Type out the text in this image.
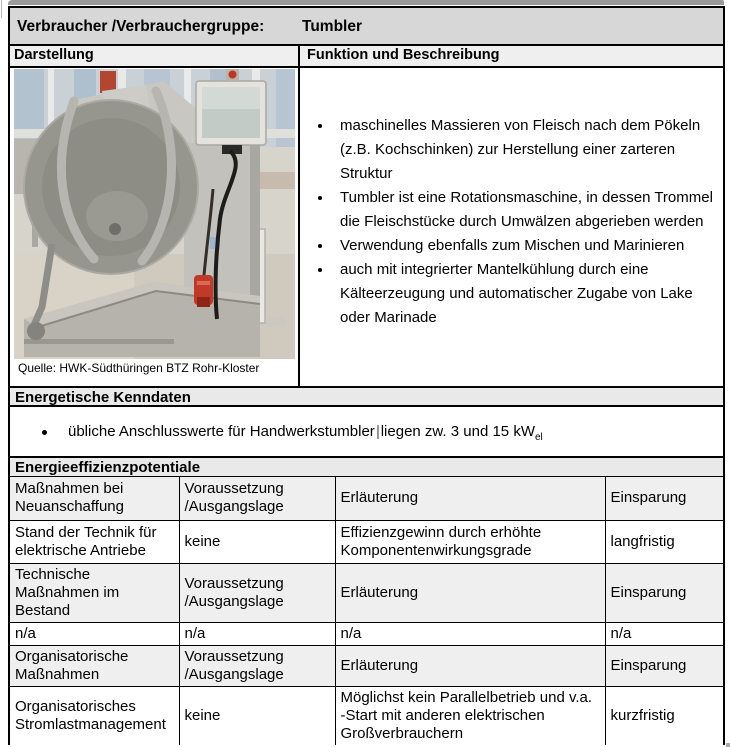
Verbraucher /Verbrauchergruppe: Tumbler
Darstellung	Funktion und Beschreibung
Quelle: HWK-Südthüringen BTZ Rohr-Kloster
• maschinelles Massieren von Fleisch nach dem Pökeln (z.B. Kochschinken) zur Herstellung einer zarteren Struktur
• Tumbler ist eine Rotationsmaschine, in dessen Trommel die Fleischstücke durch Umwälzen abgerieben werden
• Verwendung ebenfalls zum Mischen und Marinieren
• auch mit integrierter Mantelkühlung durch eine Kälteerzeugung und automatischer Zugabe von Lake oder Marinade
Energetische Kenndaten
übliche Anschlusswerte für Handwerkstumbler | liegen zw. 3 und 15 $kW_{el}$
Energieeffizienzpotentiale
Maßnahmen bei Neuanschaffung	Voraussetzung /Ausgangslage	Erläuterung	Einsparung
Stand der Technik für elektrische Antriebe	keine	Effizienzgewinn durch erhöhte Komponentenwirkungsgrade	langfristig
Technische Maßnahmen im Bestand	Voraussetzung /Ausgangslage	Erläuterung	Einsparung
n/a	n/a	n/a	n/a
Organisatorische Maßnahmen	Voraussetzung /Ausgangslage	Erläuterung	Einsparung
Organisatorisches Stromlastmanagement	keine	Möglichst kein Parallelbetrieb und v.a. -Start mit anderen elektrischen Großverbrauchern	kurzfristig
